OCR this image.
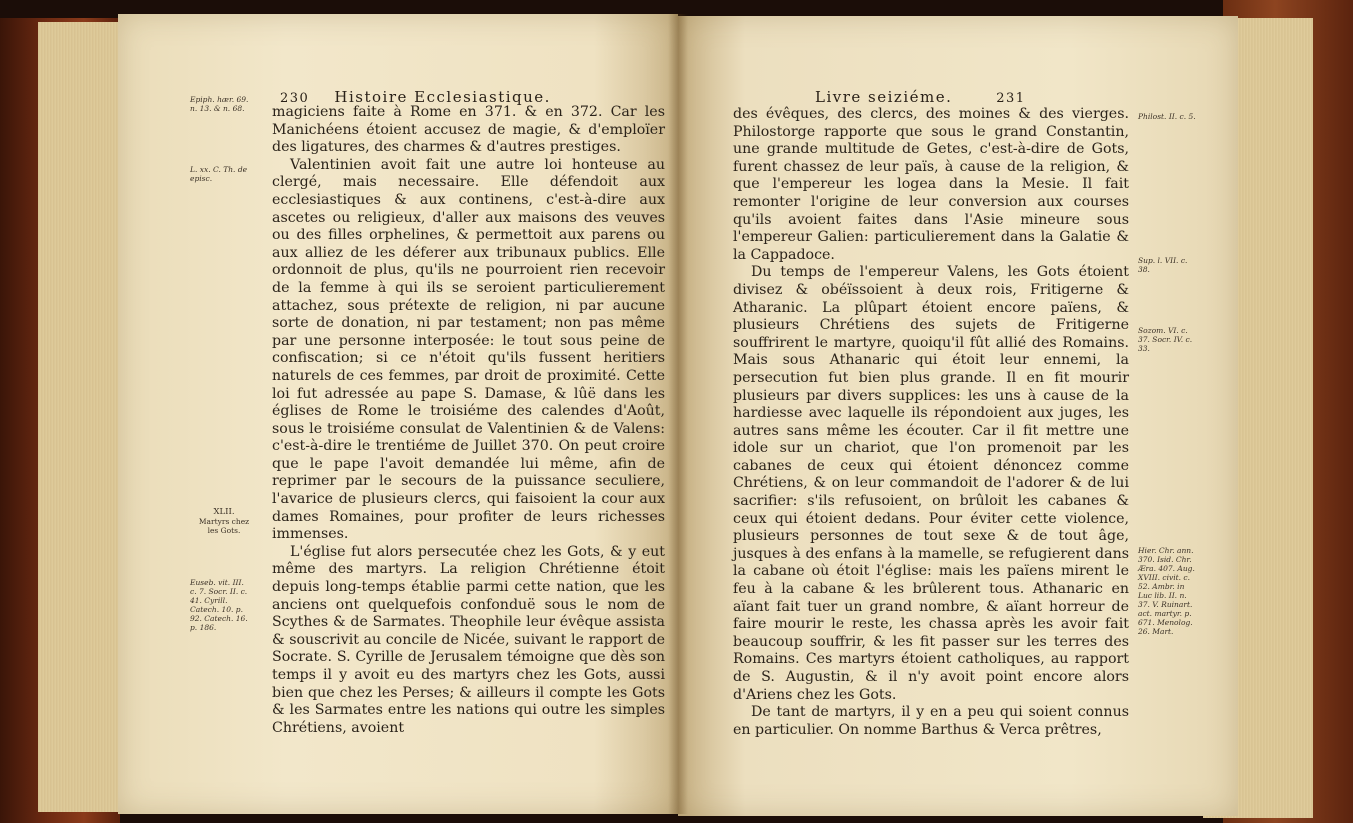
230 Histoire Ecclesiastique.
Epiph. hær. 69. n. 13. & n. 68.
L. xx. C. Th. de episc.
XLII.
Martyrs chez les Gots.
Euseb. vit. III. c. 7. Socr. II. c. 41. Cyrill. Catech. 10. p. 92. Catech. 16. p. 186.

magiciens faite à Rome en 371. & en 372. Car les Manichéens étoient accusez de magie, & d'emploïer des ligatures, des charmes & d'autres prestiges.

Valentinien avoit fait une autre loi honteuse au clergé, mais necessaire. Elle défendoit aux ecclesiastiques & aux continens, c'est-à-dire aux ascetes ou religieux, d'aller aux maisons des veuves ou des filles orphelines, & permettoit aux parens ou aux alliez de les déferer aux tribunaux publics. Elle ordonnoit de plus, qu'ils ne pourroient rien recevoir de la femme à qui ils se seroient particulierement attachez, sous prétexte de religion, ni par aucune sorte de donation, ni par testament; non pas même par une personne interposée: le tout sous peine de confiscation; si ce n'étoit qu'ils fussent heritiers naturels de ces femmes, par droit de proximité. Cette loi fut adressée au pape S. Damase, & lûë dans les églises de Rome le troisiéme des calendes d'Août, sous le troisiéme consulat de Valentinien & de Valens: c'est-à-dire le trentiéme de Juillet 370. On peut croire que le pape l'avoit demandée lui même, afin de reprimer par le secours de la puissance seculiere, l'avarice de plusieurs clercs, qui faisoient la cour aux dames Romaines, pour profiter de leurs richesses immenses.

L'église fut alors persecutée chez les Gots, & y eut même des martyrs. La religion Chrétienne étoit depuis long-temps établie parmi cette nation, que les anciens ont quelquefois confonduë sous le nom de Scythes & de Sarmates. Theophile leur évêque assista & souscrivit au concile de Nicée, suivant le rapport de Socrate. S. Cyrille de Jerusalem témoigne que dès son temps il y avoit eu des martyrs chez les Gots, aussi bien que chez les Perses; & ailleurs il compte les Gots & les Sarmates entre les nations qui outre les simples Chrétiens, avoient

Livre seiziéme.	231

des évêques, des clercs, des moines & des vierges. Philostorge rapporte que sous le grand Constantin, une grande multitude de Getes, c'est-à-dire de Gots, furent chassez de leur païs, à cause de la religion, & que l'empereur les logea dans la Mesie. Il fait remonter l'origine de leur conversion aux courses qu'ils avoient faites dans l'Asie mineure sous l'empereur Galien: particulierement dans la Galatie & la Cappadoce.

Du temps de l'empereur Valens, les Gots étoient divisez & obéïssoient à deux rois, Fritigerne & Atharanic. La plûpart étoient encore païens, & plusieurs Chrétiens des sujets de Fritigerne souffrirent le martyre, quoiqu'il fût allié des Romains. Mais sous Athanaric qui étoit leur ennemi, la persecution fut bien plus grande. Il en fit mourir plusieurs par divers supplices: les uns à cause de la hardiesse avec laquelle ils répondoient aux juges, les autres sans même les écouter. Car il fit mettre une idole sur un chariot, que l'on promenoit par les cabanes de ceux qui étoient dénoncez comme Chrétiens, & on leur commandoit de l'adorer & de lui sacrifier: s'ils refusoient, on brûloit les cabanes & ceux qui étoient dedans. Pour éviter cette violence, plusieurs personnes de tout sexe & de tout âge, jusques à des enfans à la mamelle, se refugierent dans la cabane où étoit l'église: mais les païens mirent le feu à la cabane & les brûlerent tous. Athanaric en aïant fait tuer un grand nombre, & aïant horreur de faire mourir le reste, les chassa après les avoir fait beaucoup souffrir, & les fit passer sur les terres des Romains. Ces martyrs étoient catholiques, au rapport de S. Augustin, & il n'y avoit point encore alors d'Ariens chez les Gots.

De tant de martyrs, il y en a peu qui soient connus en particulier. On nomme Barthus & Verca prêtres,

Philost. II. c. 5.
Sup. l. VII. c. 38.
Sozom. VI. c. 37. Socr. IV. c. 33.
Hier. Chr. ann. 370. Isid. Chr. Æra. 407. Aug. XVIII. civit. c. 52. Ambr. in Luc lib. II. n. 37. V. Ruinart. act. martyr. p. 671. Menolog. 26. Mart.
